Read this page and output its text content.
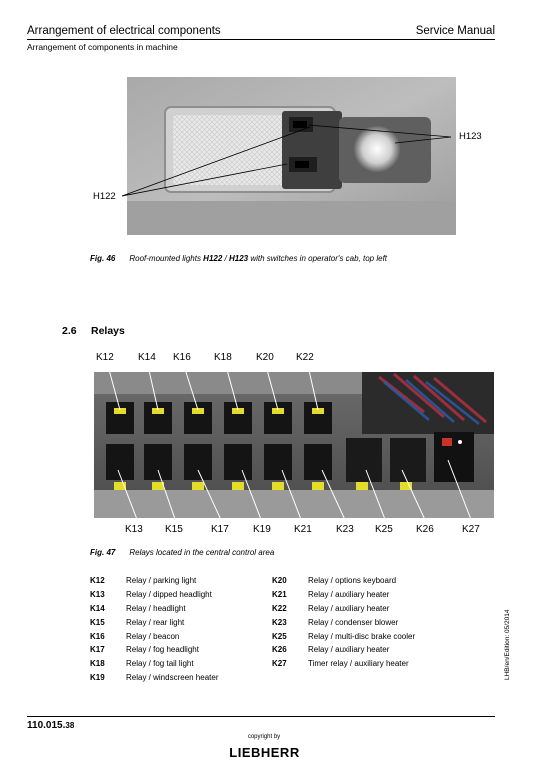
Arrangement of electrical components	Service Manual
Arrangement of components in machine
H122
H123
Fig. 46 Roof-mounted lights H122 / H123 with switches in operator's cab, top left
2.6 Relays
K12 K14 K16 K18 K20 K22
K13 K15	K17 K19 K21 K23 K25 K26	K27
Fig. 47 Relays located in the central control area
K12	Relay / parking light	K20	Relay / options keyboard
K13	Relay / dipped headlight	K21	Relay / auxiliary heater
K14	Relay / headlight	K22	Relay / auxiliary heater
K15	Relay / rear light	K23	Relay / condenser blower
K16	Relay / beacon	K25	Relay / multi-disc brake cooler
K17	Relay / fog headlight	K26	Relay / auxiliary heater
K18	Relay / fog tail light	K27	Timer relay / auxiliary heater
K19	Relay / windscreen heater			LHB/en/Edition: 05/2014
110.015.38
copyright by
LIEBHERR
